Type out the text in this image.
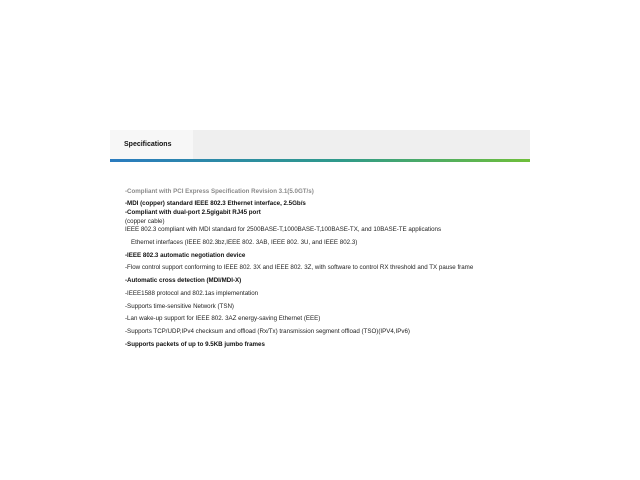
Specifications
-Compliant with PCI Express Specification Revision 3.1(5.0GT/s)
-MDI (copper) standard IEEE 802.3 Ethernet interface, 2.5Gb/s
-Compliant with dual-port 2.5gigabit RJ45 port
(copper cable)
IEEE 802.3 compliant with MDI standard for 2500BASE-T,1000BASE-T,100BASE-TX, and 10BASE-TE applications
Ethernet interfaces (IEEE 802.3bz,IEEE 802. 3AB, IEEE 802. 3U, and IEEE 802.3)
-IEEE 802.3 automatic negotiation device
-Flow control support conforming to IEEE 802. 3X and IEEE 802. 3Z, with software to control RX threshold and TX pause frame
-Automatic cross detection (MDI/MDI-X)
-IEEE1588 protocol and 802.1as implementation
-Supports time-sensitive Network (TSN)
-Lan wake-up support for IEEE 802. 3AZ energy-saving Ethernet (EEE)
-Supports TCP/UDP,IPv4 checksum and offload (Rx/Tx) transmission segment offload (TSO)(IPV4,IPv6)
-Supports packets of up to 9.5KB jumbo frames
